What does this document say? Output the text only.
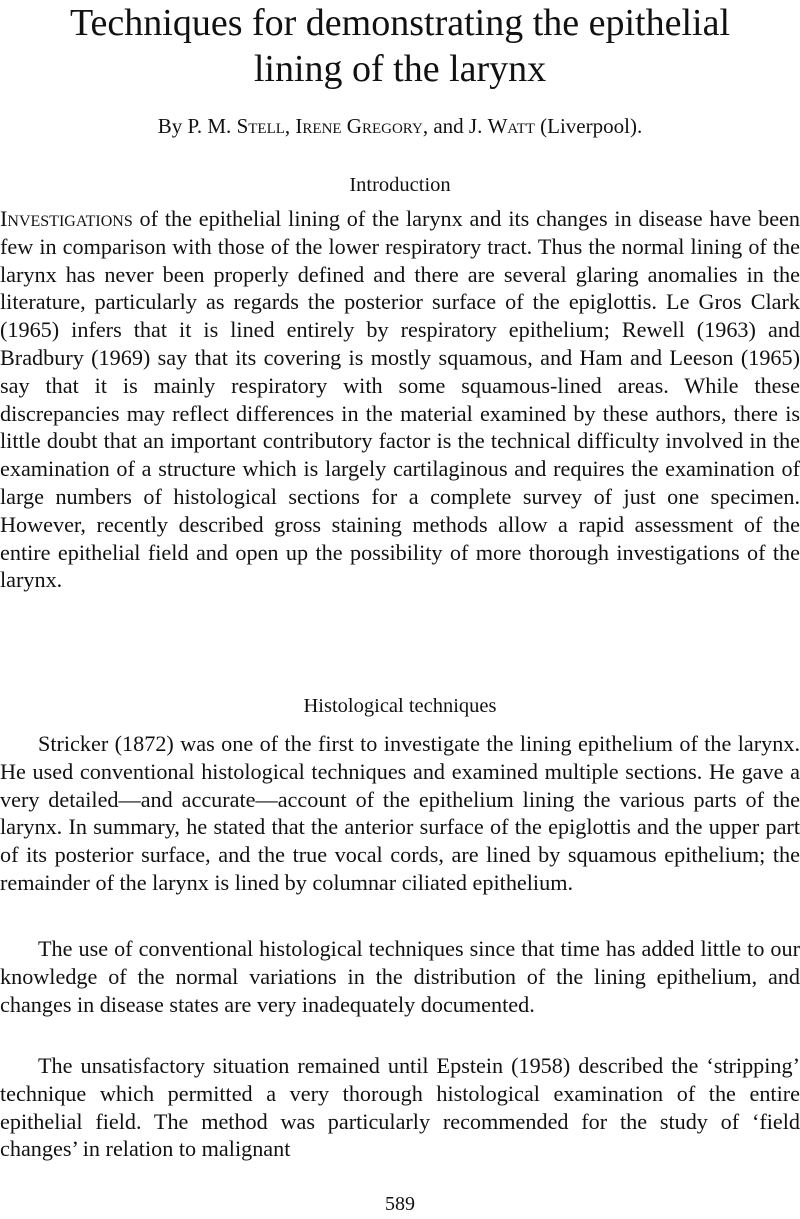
Techniques for demonstrating the epithelial lining of the larynx
By P. M. Stell, Irene Gregory, and J. Watt (Liverpool).
Introduction

Investigations of the epithelial lining of the larynx and its changes in disease have been few in comparison with those of the lower respiratory tract. Thus the normal lining of the larynx has never been properly defined and there are several glaring anomalies in the literature, particularly as regards the posterior surface of the epiglottis. Le Gros Clark (1965) infers that it is lined entirely by respiratory epithelium; Rewell (1963) and Bradbury (1969) say that its covering is mostly squamous, and Ham and Leeson (1965) say that it is mainly respiratory with some squamous-lined areas. While these discrepancies may reflect differences in the material examined by these authors, there is little doubt that an important contributory factor is the technical difficulty involved in the examination of a structure which is largely cartilaginous and requires the examination of large numbers of histological sections for a complete survey of just one specimen. However, recently described gross staining methods allow a rapid assessment of the entire epithelial field and open up the possibility of more thorough investigations of the larynx.

Histological techniques

Stricker (1872) was one of the first to investigate the lining epithelium of the larynx. He used conventional histological techniques and examined multiple sections. He gave a very detailed—and accurate—account of the epithelium lining the various parts of the larynx. In summary, he stated that the anterior surface of the epiglottis and the upper part of its posterior surface, and the true vocal cords, are lined by squamous epithelium; the remainder of the larynx is lined by columnar ciliated epithelium.

The use of conventional histological techniques since that time has added little to our knowledge of the normal variations in the distribution of the lining epithelium, and changes in disease states are very inadequately documented.

The unsatisfactory situation remained until Epstein (1958) described the ‘stripping’ technique which permitted a very thorough histological examination of the entire epithelial field. The method was particularly recommended for the study of ‘field changes’ in relation to malignant

589
